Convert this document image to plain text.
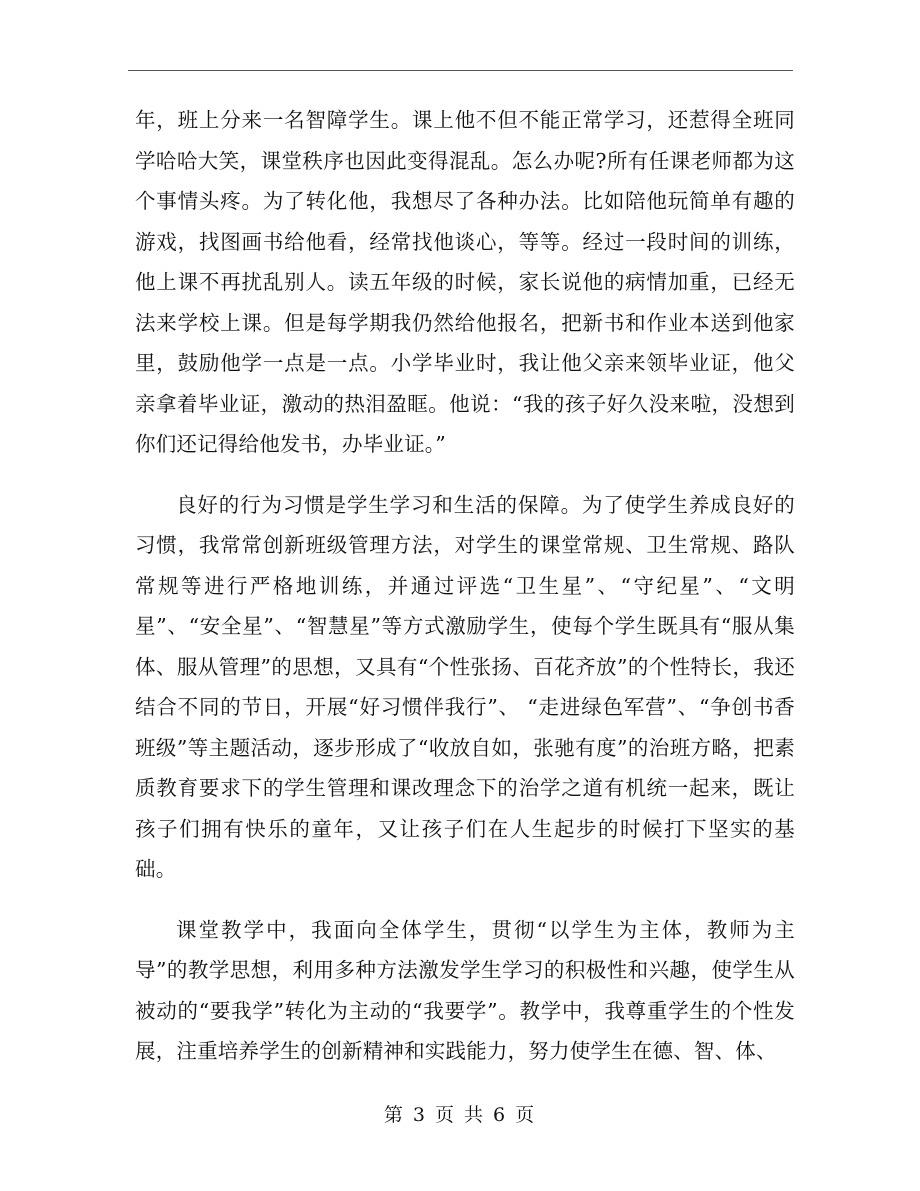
年，班上分来一名智障学生。课上他不但不能正常学习，还惹得全班同学哈哈大笑，课堂秩序也因此变得混乱。怎么办呢?所有任课老师都为这个事情头疼。为了转化他，我想尽了各种办法。比如陪他玩简单有趣的游戏，找图画书给他看，经常找他谈心，等等。经过一段时间的训练，他上课不再扰乱别人。读五年级的时候，家长说他的病情加重，已经无法来学校上课。但是每学期我仍然给他报名，把新书和作业本送到他家里，鼓励他学一点是一点。小学毕业时，我让他父亲来领毕业证，他父亲拿着毕业证，激动的热泪盈眶。他说：“我的孩子好久没来啦，没想到你们还记得给他发书，办毕业证。”

良好的行为习惯是学生学习和生活的保障。为了使学生养成良好的习惯，我常常创新班级管理方法，对学生的课堂常规、卫生常规、路队常规等进行严格地训练，并通过评选“卫生星”、“守纪星”、“文明星”、“安全星”、“智慧星”等方式激励学生，使每个学生既具有“服从集体、服从管理”的思想，又具有“个性张扬、百花齐放”的个性特长，我还结合不同的节日，开展“好习惯伴我行”、 “走进绿色军营”、“争创书香班级”等主题活动，逐步形成了“收放自如，张驰有度”的治班方略，把素质教育要求下的学生管理和课改理念下的治学之道有机统一起来，既让孩子们拥有快乐的童年，又让孩子们在人生起步的时候打下坚实的基础。

课堂教学中，我面向全体学生，贯彻“以学生为主体，教师为主导”的教学思想，利用多种方法激发学生学习的积极性和兴趣，使学生从被动的“要我学”转化为主动的“我要学”。教学中，我尊重学生的个性发展，注重培养学生的创新精神和实践能力，努力使学生在德、智、体、

第 3 页 共 6 页
